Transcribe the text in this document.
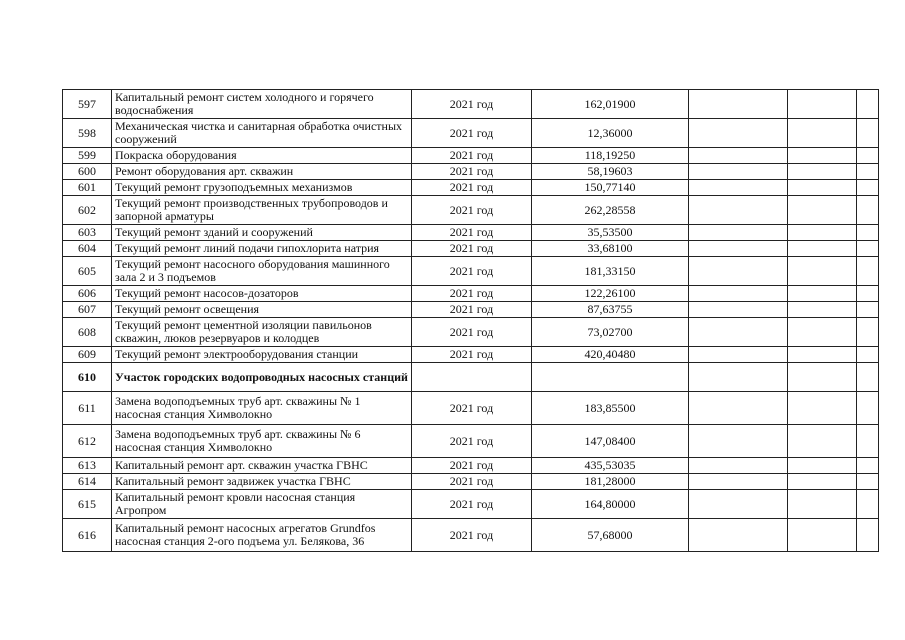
597	Капитальный ремонт систем холодного и горячего водоснабжения	2021 год	162,01900			
598	Механическая чистка и санитарная обработка очистных сооружений	2021 год	12,36000			
599	Покраска оборудования	2021 год	118,19250			
600	Ремонт оборудования арт. скважин	2021 год	58,19603			
601	Текущий ремонт грузоподъемных механизмов	2021 год	150,77140			
602	Текущий ремонт производственных трубопроводов и запорной арматуры	2021 год	262,28558			
603	Текущий ремонт зданий и сооружений	2021 год	35,53500			
604	Текущий ремонт линий подачи гипохлорита натрия	2021 год	33,68100			
605	Текущий ремонт насосного оборудования машинного зала 2 и 3 подъемов	2021 год	181,33150			
606	Текущий ремонт насосов-дозаторов	2021 год	122,26100			
607	Текущий ремонт освещения	2021 год	87,63755			
608	Текущий ремонт цементной изоляции павильонов скважин, люков резервуаров и колодцев	2021 год	73,02700			
609	Текущий ремонт электрооборудования станции	2021 год	420,40480			
610	Участок городских водопроводных насосных станций					
611	Замена водоподъемных труб арт. скважины № 1 насосная станция Химволокно	2021 год	183,85500			
612	Замена водоподъемных труб арт. скважины № 6 насосная станция Химволокно	2021 год	147,08400			
613	Капитальный ремонт арт. скважин участка ГВНС	2021 год	435,53035			
614	Капитальный ремонт задвижек участка ГВНС	2021 год	181,28000			
615	Капитальный ремонт кровли насосная станция Агропром	2021 год	164,80000			
616	Капитальный ремонт насосных агрегатов Grundfos насосная станция 2-ого подъема ул. Белякова, 36	2021 год	57,68000			
